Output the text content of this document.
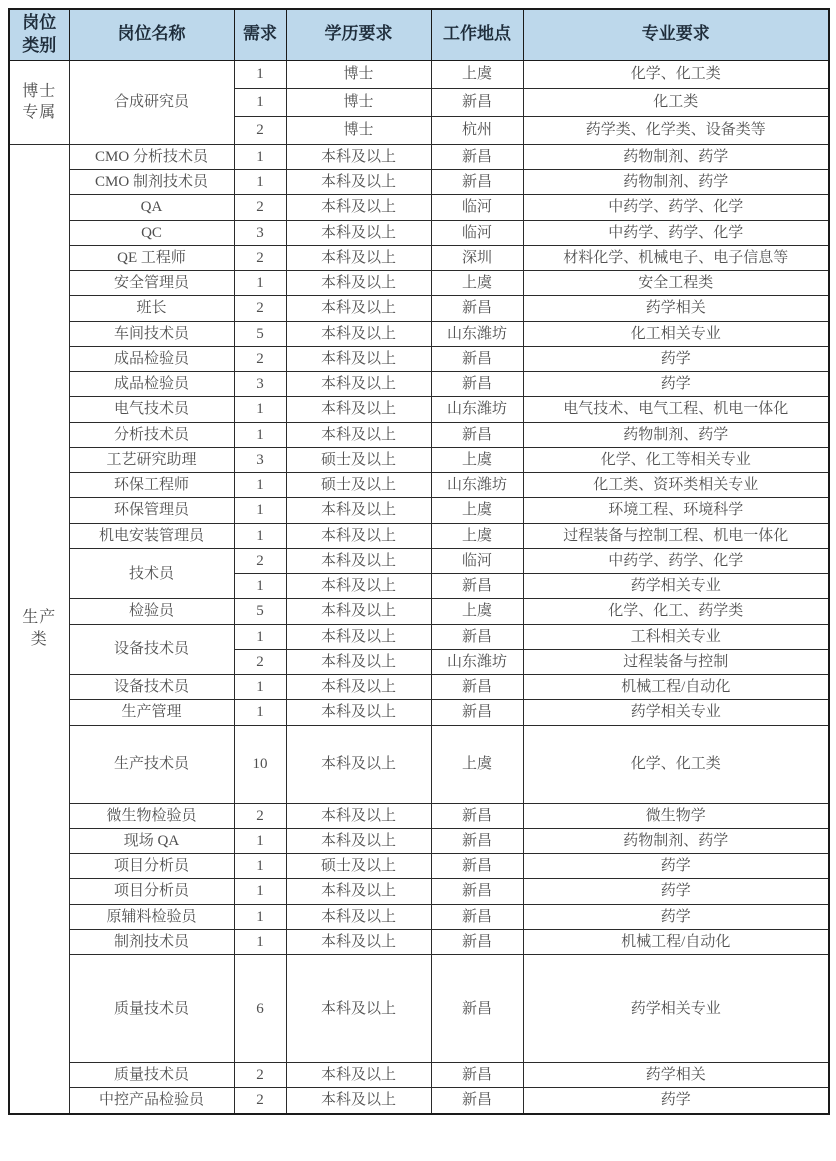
岗位类别	岗位名称	需求	学历要求	工作地点	专业要求
博士专属	合成研究员	1	博士	上虞	化学、化工类
		1	博士	新昌	化工类
		2	博士	杭州	药学类、化学类、设备类等
生产类	CMO 分析技术员	1	本科及以上	新昌	药物制剂、药学
	CMO 制剂技术员	1	本科及以上	新昌	药物制剂、药学
	QA	2	本科及以上	临河	中药学、药学、化学
	QC	3	本科及以上	临河	中药学、药学、化学
	QE 工程师	2	本科及以上	深圳	材料化学、机械电子、电子信息等
	安全管理员	1	本科及以上	上虞	安全工程类
	班长	2	本科及以上	新昌	药学相关
	车间技术员	5	本科及以上	山东潍坊	化工相关专业
	成品检验员	2	本科及以上	新昌	药学
	成品检验员	3	本科及以上	新昌	药学
	电气技术员	1	本科及以上	山东潍坊	电气技术、电气工程、机电一体化
	分析技术员	1	本科及以上	新昌	药物制剂、药学
	工艺研究助理	3	硕士及以上	上虞	化学、化工等相关专业
	环保工程师	1	硕士及以上	山东潍坊	化工类、资环类相关专业
	环保管理员	1	本科及以上	上虞	环境工程、环境科学
	机电安装管理员	1	本科及以上	上虞	过程装备与控制工程、机电一体化
	技术员	2	本科及以上	临河	中药学、药学、化学
		1	本科及以上	新昌	药学相关专业
	检验员	5	本科及以上	上虞	化学、化工、药学类
	设备技术员	1	本科及以上	新昌	工科相关专业
		2	本科及以上	山东潍坊	过程装备与控制
	设备技术员	1	本科及以上	新昌	机械工程/自动化
	生产管理	1	本科及以上	新昌	药学相关专业
	生产技术员	10	本科及以上	上虞	化学、化工类
	微生物检验员	2	本科及以上	新昌	微生物学
	现场 QA	1	本科及以上	新昌	药物制剂、药学
	项目分析员	1	硕士及以上	新昌	药学
	项目分析员	1	本科及以上	新昌	药学
	原辅料检验员	1	本科及以上	新昌	药学
	制剂技术员	1	本科及以上	新昌	机械工程/自动化
	质量技术员	6	本科及以上	新昌	药学相关专业
	质量技术员	2	本科及以上	新昌	药学相关
	中控产品检验员	2	本科及以上	新昌	药学
